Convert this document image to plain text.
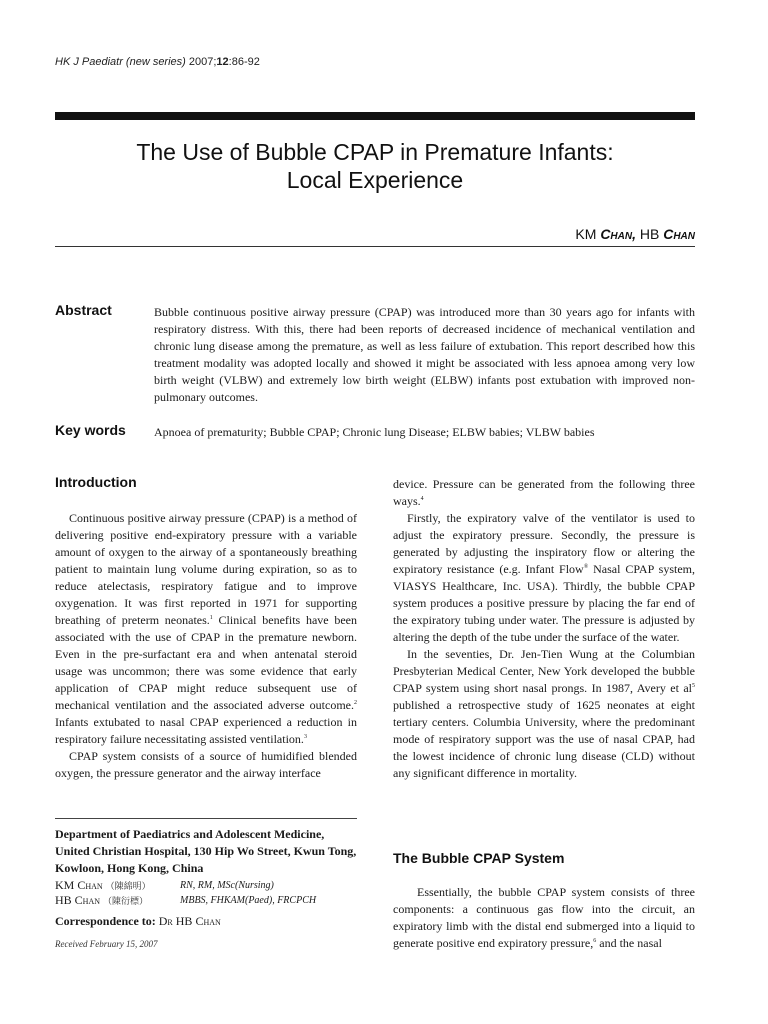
HK J Paediatr (new series) 2007;12:86-92
The Use of Bubble CPAP in Premature Infants:
Local Experience
KM Chan, HB Chan
Abstract	Bubble continuous positive airway pressure (CPAP) was introduced more than 30 years ago for infants with respiratory distress. With this, there had been reports of decreased incidence of mechanical ventilation and chronic lung disease among the premature, as well as less failure of extubation. This report described how this treatment modality was adopted locally and showed it might be associated with less apnoea among very low birth weight (VLBW) and extremely low birth weight (ELBW) infants post extubation with improved non-pulmonary outcomes.
Key words Apnoea of prematurity; Bubble CPAP; Chronic lung Disease; ELBW babies; VLBW babies
Introduction

Continuous positive airway pressure (CPAP) is a method of delivering positive end-expiratory pressure with a variable amount of oxygen to the airway of a spontaneously breathing patient to maintain lung volume during expiration, so as to reduce atelectasis, respiratory fatigue and to improve oxygenation. It was first reported in 1971 for supporting breathing of preterm neonates.$^1$ Clinical benefits have been associated with the use of CPAP in the premature newborn. Even in the pre-surfactant era and when antenatal steroid usage was uncommon; there was some evidence that early application of CPAP might reduce subsequent use of mechanical ventilation and the associated adverse outcome.$^2$ Infants extubated to nasal CPAP experienced a reduction in respiratory failure necessitating assisted ventilation.$^3$

CPAP system consists of a source of humidified blended oxygen, the pressure generator and the airway interface

Department of Paediatrics and Adolescent Medicine, United Christian Hospital, 130 Hip Wo Street, Kwun Tong, Kowloon, Hong Kong, China
KM Chan （陳綿明）	RN, RM, MSc(Nursing)
HB Chan （陳衍標）	MBBS, FHKAM(Paed), FRCPCH
Correspondence to: Dr HB Chan
Received February 15, 2007

device. Pressure can be generated from the following three ways.$^4$

Firstly, the expiratory valve of the ventilator is used to adjust the expiratory pressure. Secondly, the pressure is generated by adjusting the inspiratory flow or altering the expiratory resistance (e.g. Infant Flow® Nasal CPAP system, VIASYS Healthcare, Inc. USA). Thirdly, the bubble CPAP system produces a positive pressure by placing the far end of the expiratory tubing under water. The pressure is adjusted by altering the depth of the tube under the surface of the water.

In the seventies, Dr. Jen-Tien Wung at the Columbian Presbyterian Medical Center, New York developed the bubble CPAP system using short nasal prongs. In 1987, Avery et $al^5$ published a retrospective study of 1625 neonates at eight tertiary centers. Columbia University, where the predominant mode of respiratory support was the use of nasal CPAP, had the lowest incidence of chronic lung disease (CLD) without any significant difference in mortality.

The Bubble CPAP System

Essentially, the bubble CPAP system consists of three components: a continuous gas flow into the circuit, an expiratory limb with the distal end submerged into a liquid to generate positive end expiratory pressure,$^6$ and the nasal
